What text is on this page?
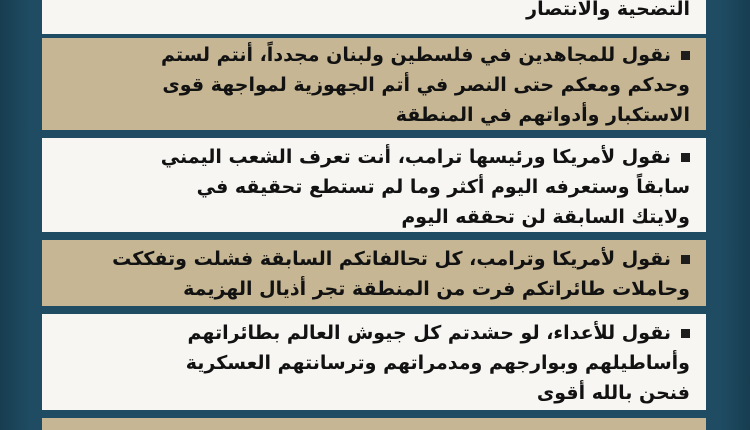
التضحية والانتصار
نقول للمجاهدين في فلسطين ولبنان مجدداً، أنتم لستم
وحدكم ومعكم حتى النصر في أتم الجهوزية لمواجهة قوى
الاستكبار وأدواتهم في المنطقة
نقول لأمريكا ورئيسها ترامب، أنت تعرف الشعب اليمني
سابقاً وستعرفه اليوم أكثر وما لم تستطع تحقيقه في
ولايتك السابقة لن تحققه اليوم
نقول لأمريكا وترامب، كل تحالفاتكم السابقة فشلت وتفككت
وحاملات طائراتكم فرت من المنطقة تجر أذيال الهزيمة
نقول للأعداء، لو حشدتم كل جيوش العالم بطائراتهم
وأساطيلهم وبوارجهم ومدمراتهم وترسانتهم العسكرية
فنحن بالله أقوى
